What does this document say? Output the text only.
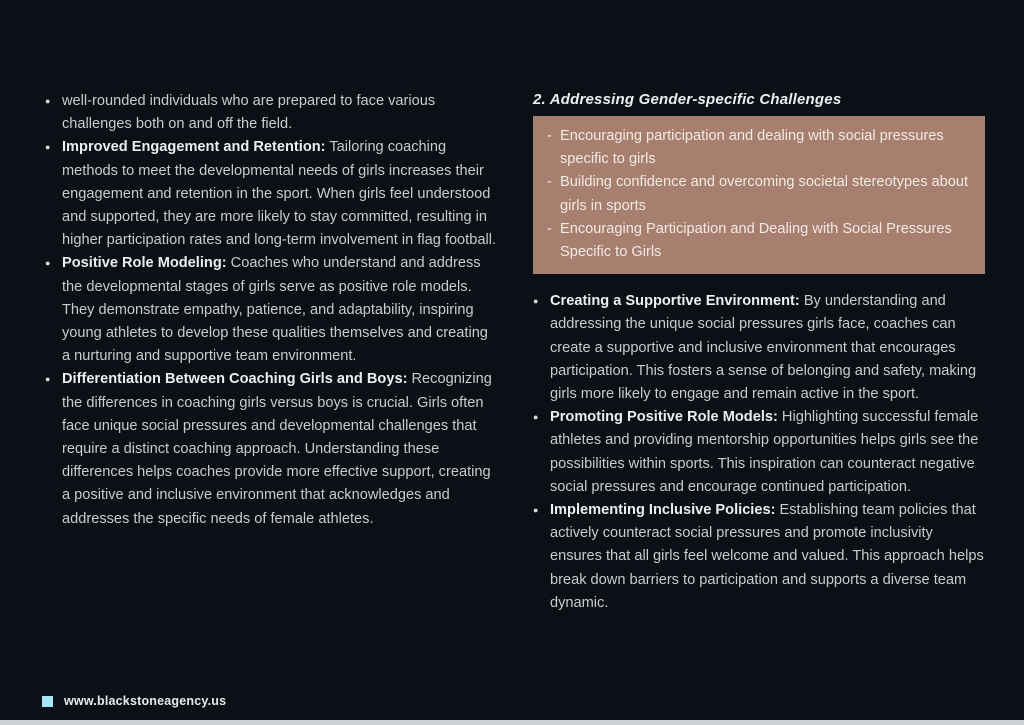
● well-rounded individuals who are prepared to face various challenges both on and off the field.
● Improved Engagement and Retention: Tailoring coaching methods to meet the developmental needs of girls increases their engagement and retention in the sport. When girls feel understood and supported, they are more likely to stay committed, resulting in higher participation rates and long-term involvement in flag football.
● Positive Role Modeling: Coaches who understand and address the developmental stages of girls serve as positive role models. They demonstrate empathy, patience, and adaptability, inspiring young athletes to develop these qualities themselves and creating a nurturing and supportive team environment.
● Differentiation Between Coaching Girls and Boys: Recognizing the differences in coaching girls versus boys is crucial. Girls often face unique social pressures and developmental challenges that require a distinct coaching approach. Understanding these differences helps coaches provide more effective support, creating a positive and inclusive environment that acknowledges and addresses the specific needs of female athletes.
2. Addressing Gender-specific Challenges
- Encouraging participation and dealing with social pressures specific to girls
- Building confidence and overcoming societal stereotypes about girls in sports
- Encouraging Participation and Dealing with Social Pressures Specific to Girls
● Creating a Supportive Environment: By understanding and addressing the unique social pressures girls face, coaches can create a supportive and inclusive environment that encourages participation. This fosters a sense of belonging and safety, making girls more likely to engage and remain active in the sport.
● Promoting Positive Role Models: Highlighting successful female athletes and providing mentorship opportunities helps girls see the possibilities within sports. This inspiration can counteract negative social pressures and encourage continued participation.
● Implementing Inclusive Policies: Establishing team policies that actively counteract social pressures and promote inclusivity ensures that all girls feel welcome and valued. This approach helps break down barriers to participation and supports a diverse team dynamic.
www.blackstoneagency.us
